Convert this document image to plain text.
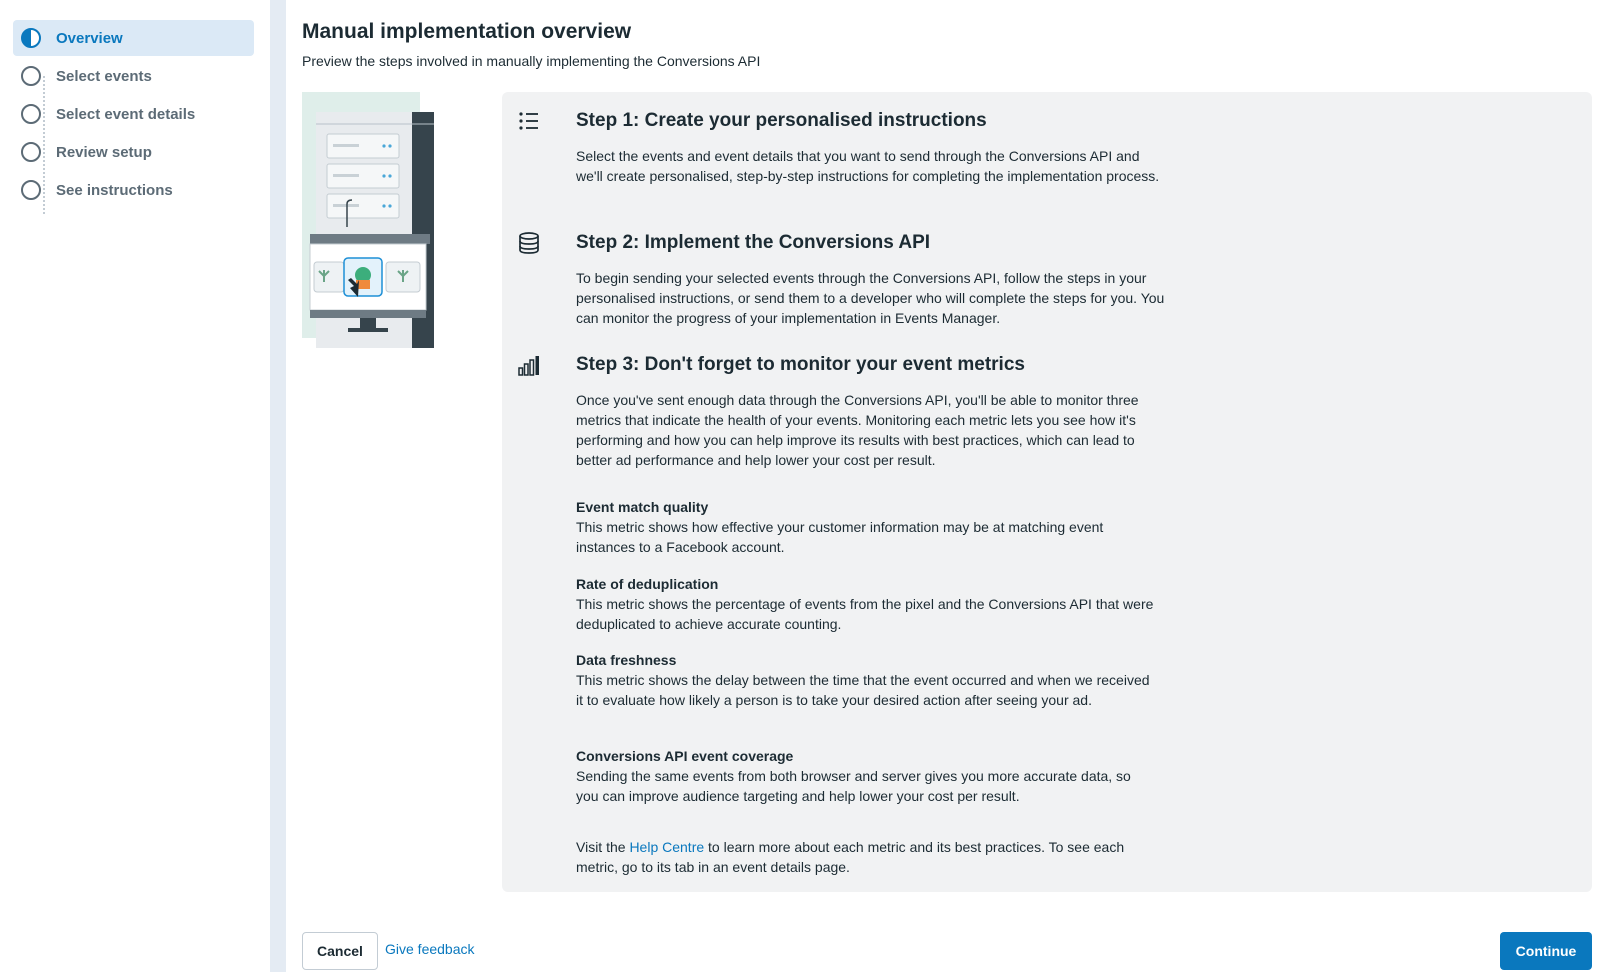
Overview
Select events
Select event details
Review setup
See instructions
Manual implementation overview
Preview the steps involved in manually implementing the Conversions API
Step 1: Create your personalised instructions
Select the events and event details that you want to send through the Conversions API and we'll create personalised, step-by-step instructions for completing the implementation process.
Step 2: Implement the Conversions API
To begin sending your selected events through the Conversions API, follow the steps in your personalised instructions, or send them to a developer who will complete the steps for you. You can monitor the progress of your implementation in Events Manager.
Step 3: Don't forget to monitor your event metrics
Once you've sent enough data through the Conversions API, you'll be able to monitor three metrics that indicate the health of your events. Monitoring each metric lets you see how it's performing and how you can help improve its results with best practices, which can lead to better ad performance and help lower your cost per result.
Event match quality
This metric shows how effective your customer information may be at matching event instances to a Facebook account.
Rate of deduplication
This metric shows the percentage of events from the pixel and the Conversions API that were deduplicated to achieve accurate counting.
Data freshness
This metric shows the delay between the time that the event occurred and when we received it to evaluate how likely a person is to take your desired action after seeing your ad.
Conversions API event coverage
Sending the same events from both browser and server gives you more accurate data, so you can improve audience targeting and help lower your cost per result.
Visit the Help Centre to learn more about each metric and its best practices. To see each metric, go to its tab in an event details page.
Cancel	Give feedback	Continue
